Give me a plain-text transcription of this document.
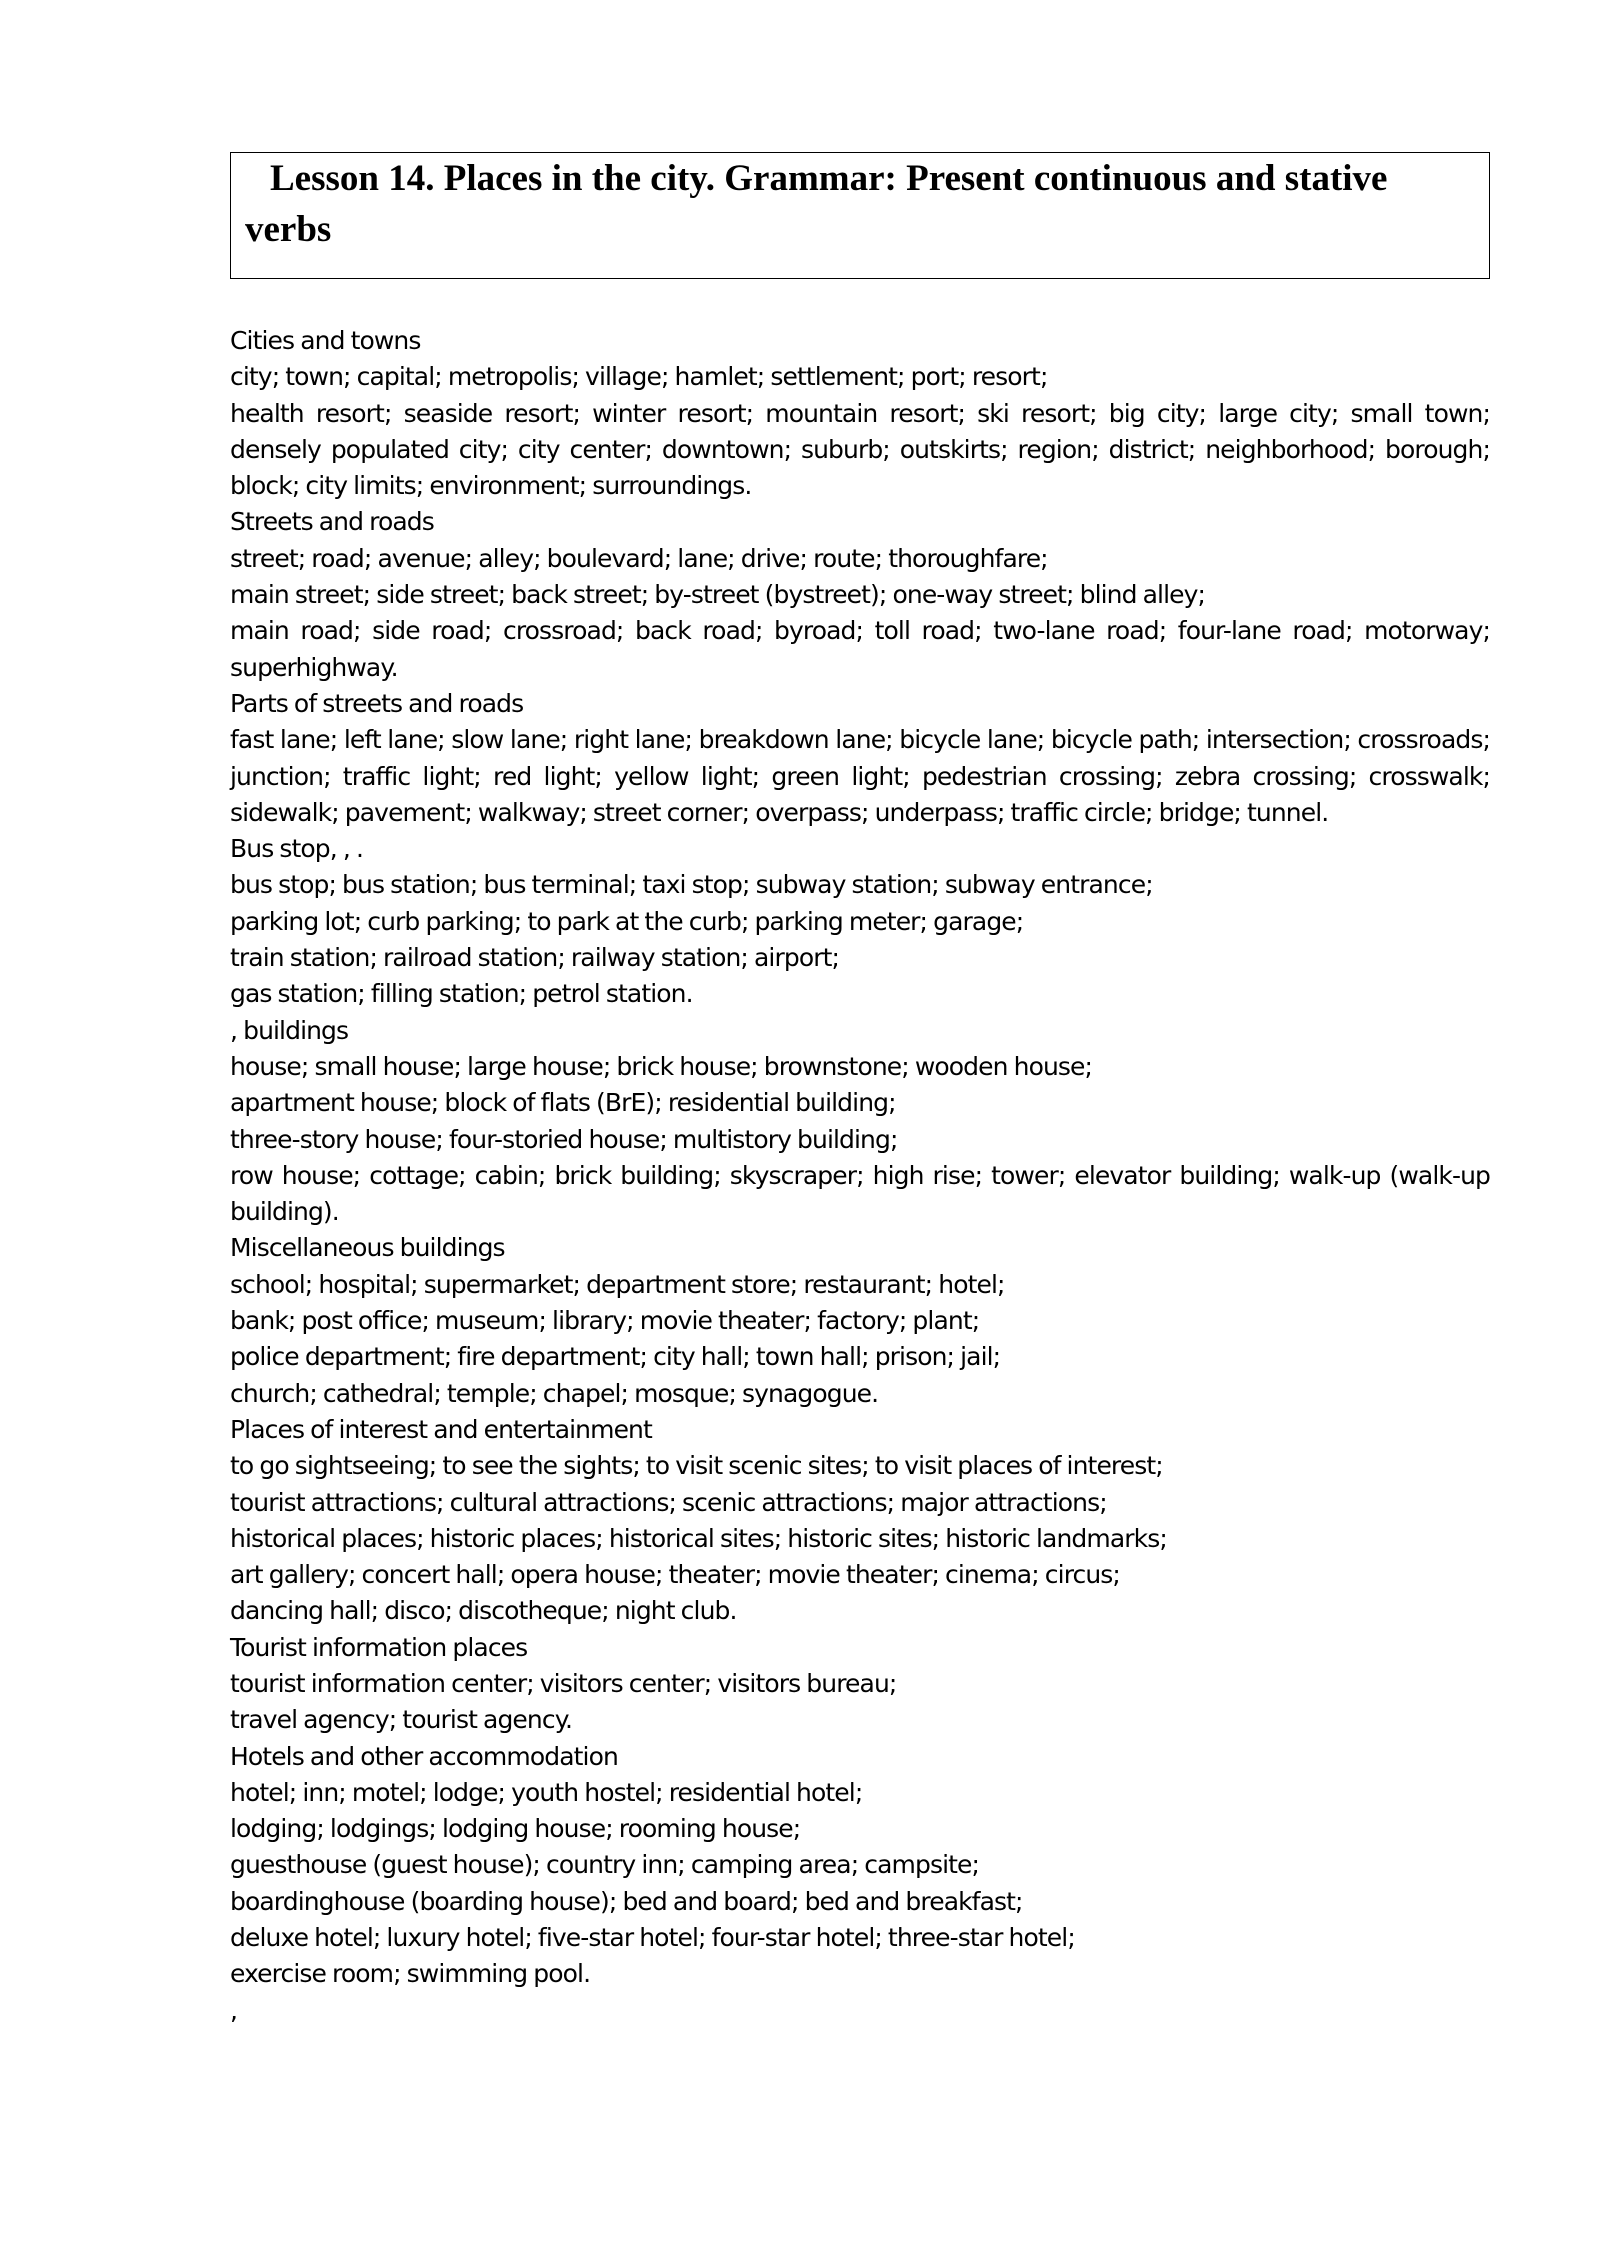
Lesson 14. Places in the city. Grammar: Present continuous and stative verbs

Cities and towns

city; town; capital; metropolis; village; hamlet; settlement; port; resort;

health resort; seaside resort; winter resort; mountain resort; ski resort; big city; large city; small town; densely populated city; city center; downtown; suburb; outskirts; region; district; neighborhood; borough; block; city limits; environment; surroundings.

Streets and roads

street; road; avenue; alley; boulevard; lane; drive; route; thoroughfare;

main street; side street; back street; by-street (bystreet); one-way street; blind alley;

main road; side road; crossroad; back road; byroad; toll road; two-lane road; four-lane road; motorway; superhighway.

Parts of streets and roads

fast lane; left lane; slow lane; right lane; breakdown lane; bicycle lane; bicycle path; intersection; crossroads; junction; traffic light; red light; yellow light; green light; pedestrian crossing; zebra crossing; crosswalk; sidewalk; pavement; walkway; street corner; overpass; underpass; traffic circle; bridge; tunnel.

Bus stop, , .

bus stop; bus station; bus terminal; taxi stop; subway station; subway entrance;

parking lot; curb parking; to park at the curb; parking meter; garage;

train station; railroad station; railway station; airport;

gas station; filling station; petrol station.

, buildings

house; small house; large house; brick house; brownstone; wooden house;

apartment house; block of flats (BrE); residential building;

three-story house; four-storied house; multistory building;

row house; cottage; cabin; brick building; skyscraper; high rise; tower; elevator building; walk-up (walk-up building).

Miscellaneous buildings

school; hospital; supermarket; department store; restaurant; hotel;

bank; post office; museum; library; movie theater; factory; plant;

police department; fire department; city hall; town hall; prison; jail;

church; cathedral; temple; chapel; mosque; synagogue.

Places of interest and entertainment

to go sightseeing; to see the sights; to visit scenic sites; to visit places of interest;

tourist attractions; cultural attractions; scenic attractions; major attractions;

historical places; historic places; historical sites; historic sites; historic landmarks;

art gallery; concert hall; opera house; theater; movie theater; cinema; circus;

dancing hall; disco; discotheque; night club.

Tourist information places

tourist information center; visitors center; visitors bureau;

travel agency; tourist agency.

Hotels and other accommodation

hotel; inn; motel; lodge; youth hostel; residential hotel;

lodging; lodgings; lodging house; rooming house;

guesthouse (guest house); country inn; camping area; campsite;

boardinghouse (boarding house); bed and board; bed and breakfast;

deluxe hotel; luxury hotel; five-star hotel; four-star hotel; three-star hotel;

exercise room; swimming pool.

,
